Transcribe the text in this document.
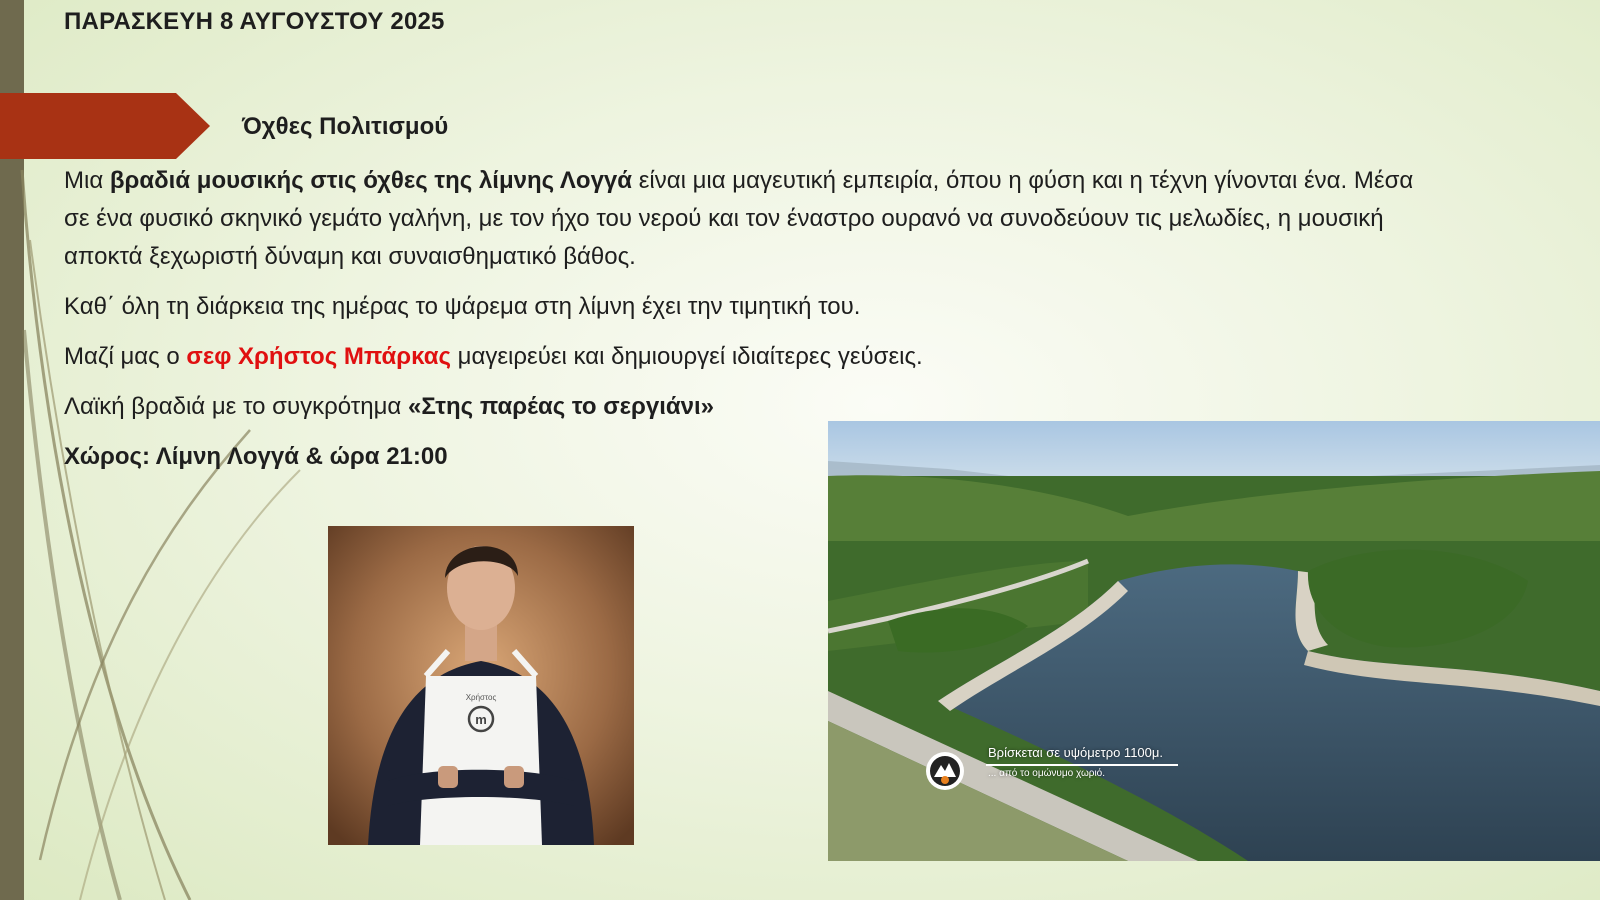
ΠΑΡΑΣΚΕΥΗ 8 ΑΥΓΟΥΣΤΟΥ 2025
Όχθες Πολιτισμού

Μια βραδιά μουσικής στις όχθες της λίμνης Λογγά είναι μια μαγευτική εμπειρία, όπου η φύση και η τέχνη γίνονται ένα. Μέσα

σε ένα φυσικό σκηνικό γεμάτο γαλήνη, με τον ήχο του νερού και τον έναστρο ουρανό να συνοδεύουν τις μελωδίες, η μουσική

αποκτά ξεχωριστή δύναμη και συναισθηματικό βάθος.

Καθ΄ όλη τη διάρκεια της ημέρας το ψάρεμα στη λίμνη έχει την τιμητική του.

Μαζί μας ο σεφ Χρήστος Μπάρκας μαγειρεύει και δημιουργεί ιδιαίτερες γεύσεις.

Λαϊκή βραδιά με το συγκρότημα «Στης παρέας το σεργιάνι»

Χώρος: Λίμνη Λογγά & ώρα 21:00

m
Χρήστος
Βρίσκεται σε υψόμετρο 1100μ.
... από το ομώνυμο χωριό.
